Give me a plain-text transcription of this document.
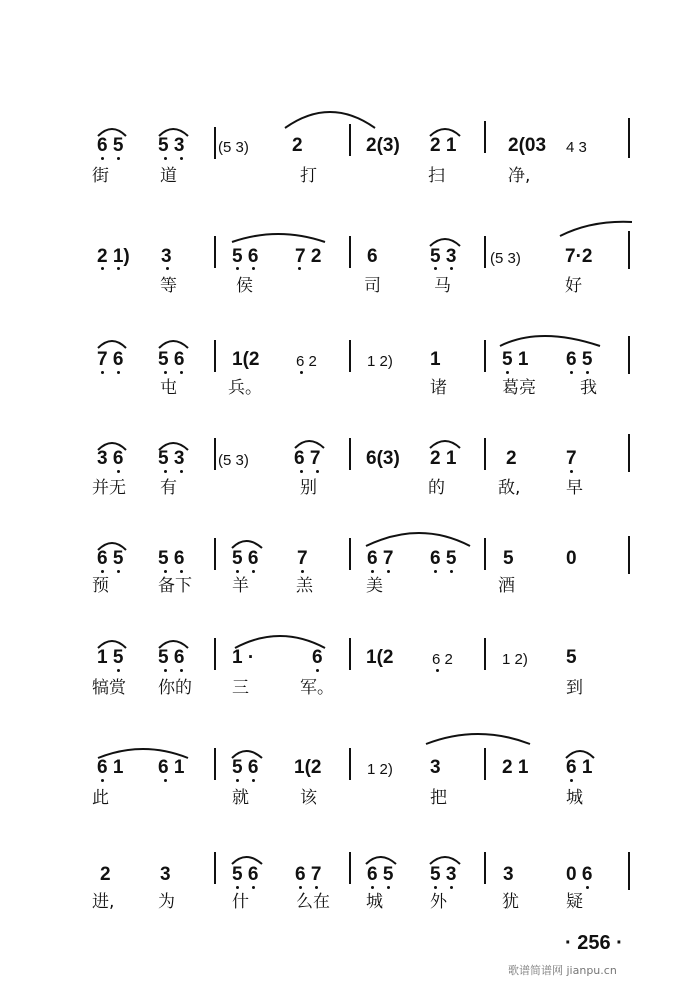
6 5 5 3 (5 3) 2	2(3) 2 1	2(03 4 3
街	道	打	扫	净,
2 1) 3	5 6 7 2 6	5 3 (5 3) 7·2
等	侯	司	马	好
7 6 5 6	1(2 6 2	1 2) 1	5 1 6 5
屯	兵。	诸	葛亮	我
3 6 5 3 (5 3) 6 7 6(3) 2 1	2	7
并无 有	别	的	敌,	早
6 5 5 6	5 6 7	6 7 6 5 5	0
预	备下 羊	羔	美	酒
1 5 5 6	1 ·	6 1(2	6 2	1 2) 5
犒赏 你的 三	军。	到
6 1 6 1	5 6 1(2	1 2) 3	2 1 6 1
此	就	该	把	城
2	3	5 6 6 7 6 5 5 3 3	0 6
进,	为	什	么在 城	外	犹	疑
· 256 ·
歌谱简谱网 jianpu.cn
